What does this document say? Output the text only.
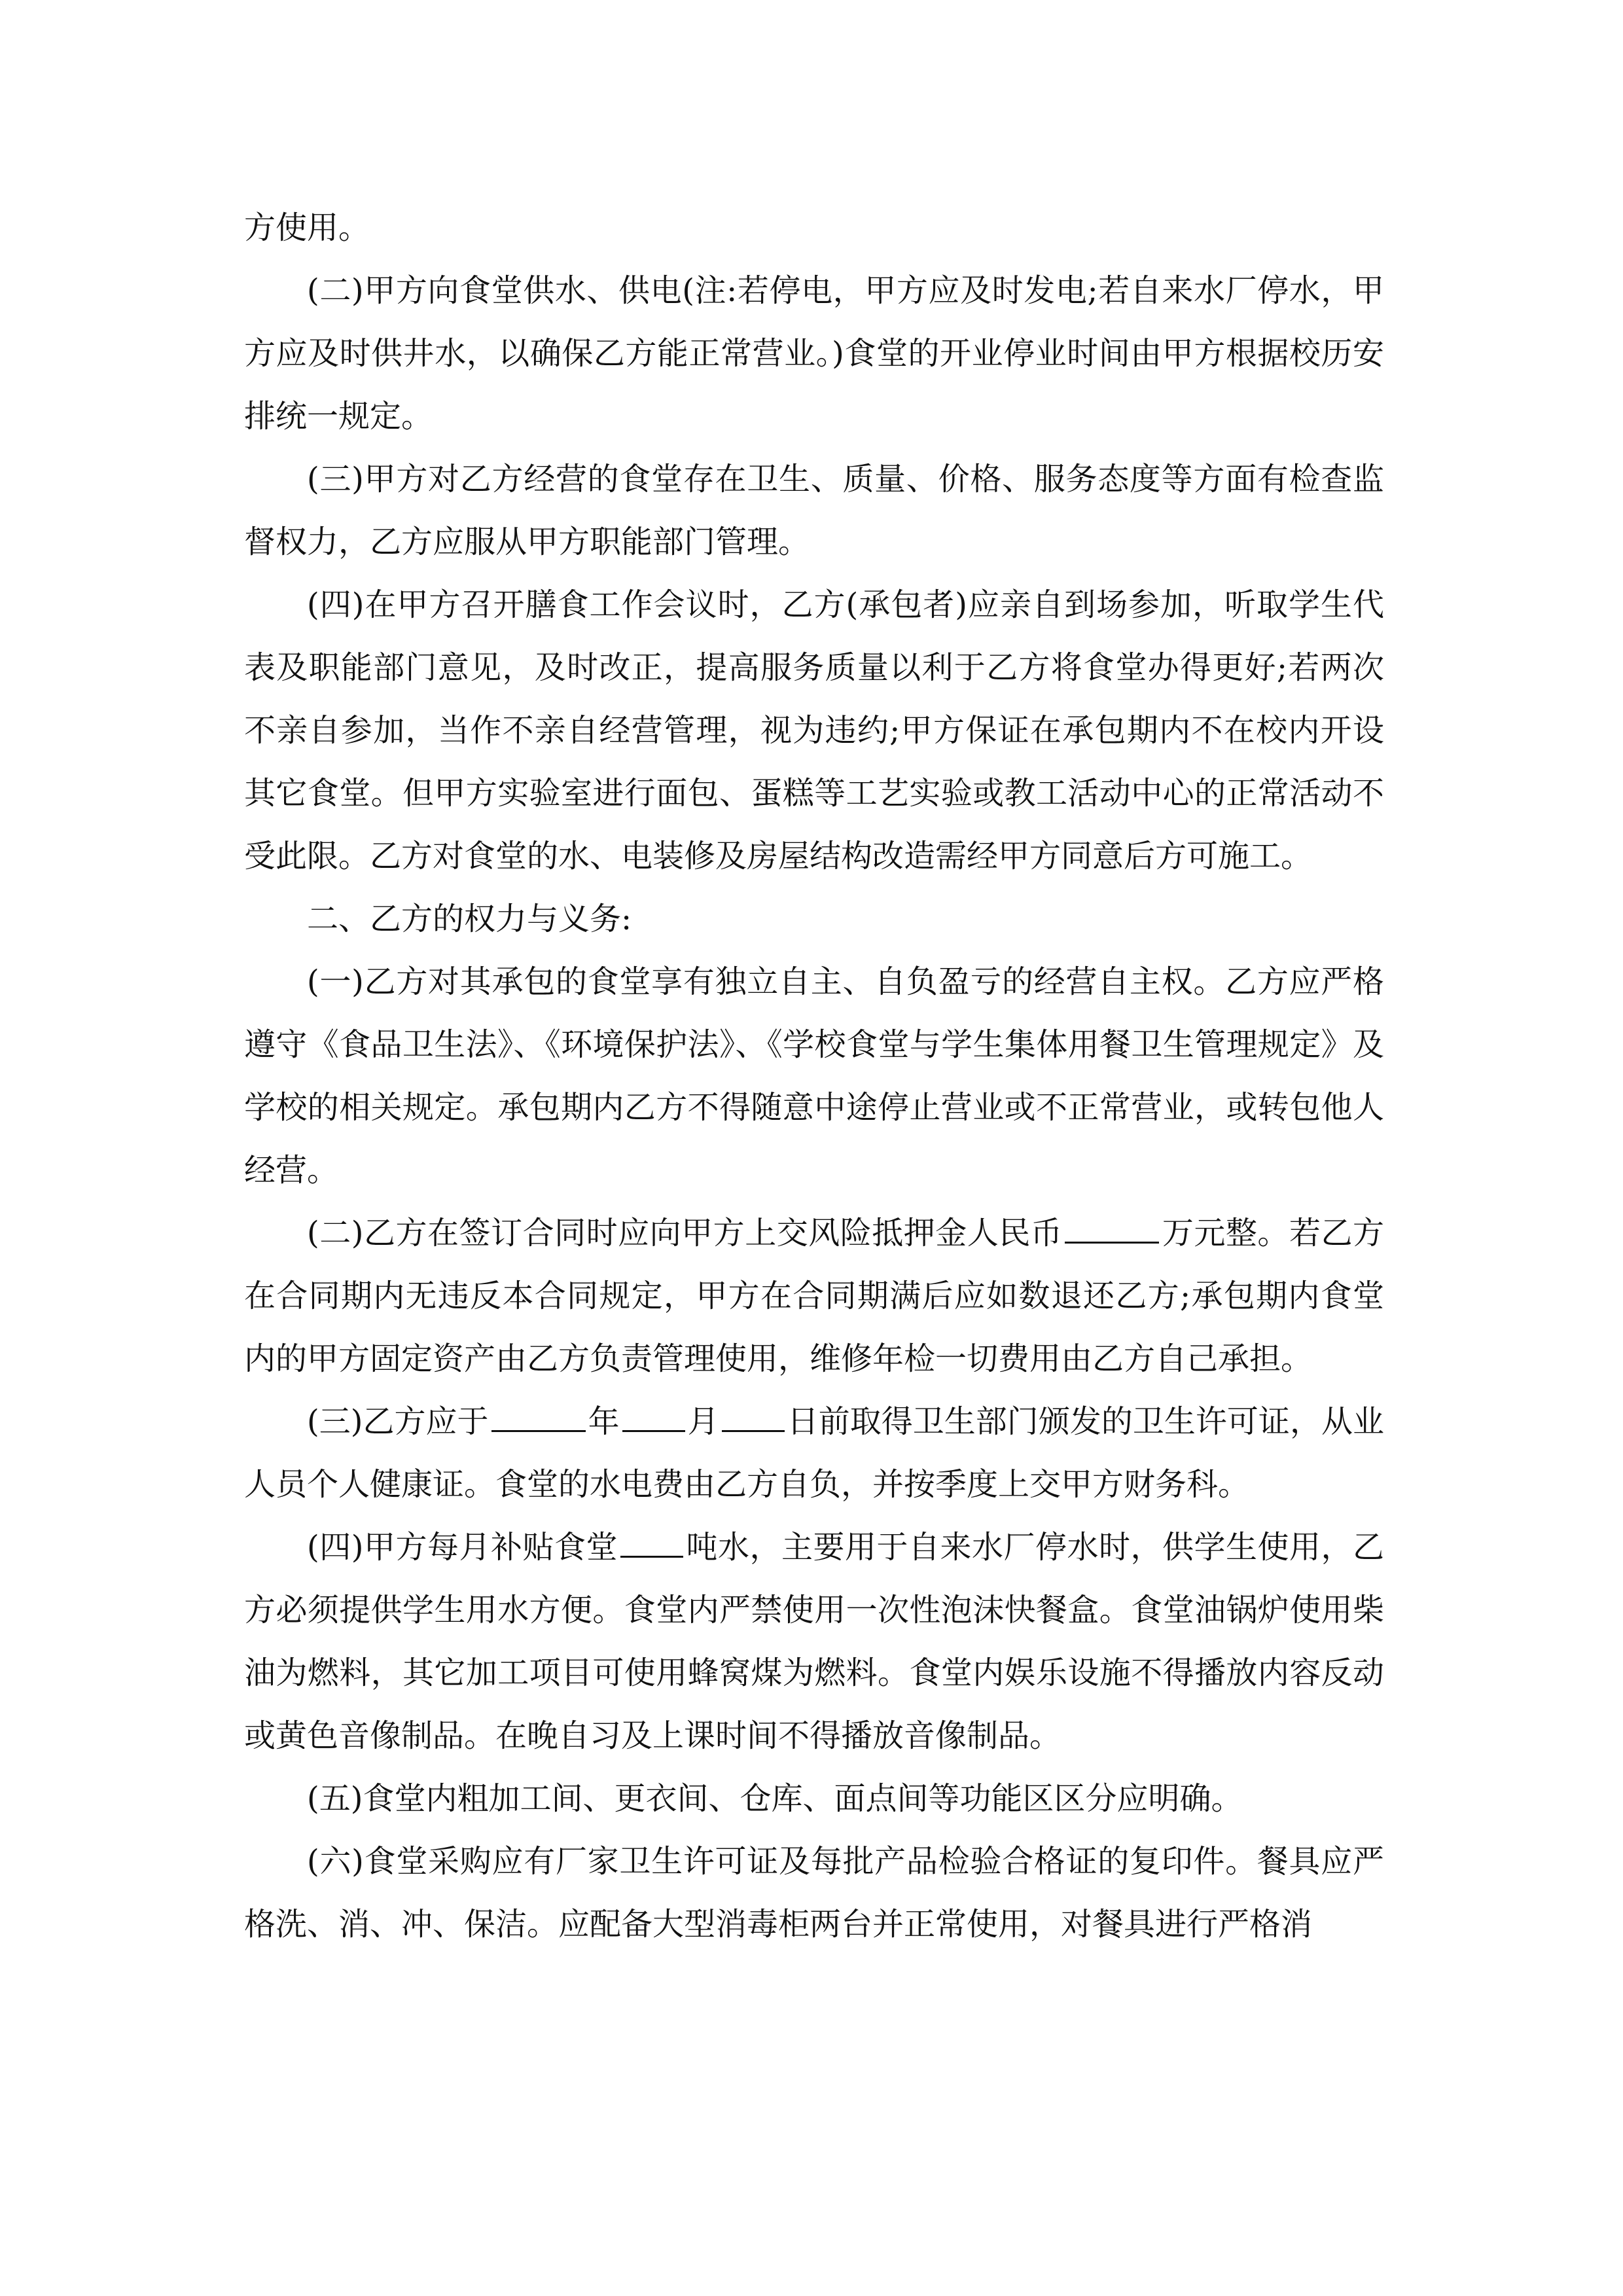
方使用。

(二)甲方向食堂供水、供电(注:若停电，甲方应及时发电;若自来水厂停水，甲方应及时供井水，以确保乙方能正常营业。)食堂的开业停业时间由甲方根据校历安排统一规定。

(三)甲方对乙方经营的食堂存在卫生、质量、价格、服务态度等方面有检查监督权力，乙方应服从甲方职能部门管理。

(四)在甲方召开膳食工作会议时，乙方(承包者)应亲自到场参加，听取学生代表及职能部门意见，及时改正，提高服务质量以利于乙方将食堂办得更好;若两次不亲自参加，当作不亲自经营管理，视为违约;甲方保证在承包期内不在校内开设其它食堂。但甲方实验室进行面包、蛋糕等工艺实验或教工活动中心的正常活动不受此限。乙方对食堂的水、电装修及房屋结构改造需经甲方同意后方可施工。

二、乙方的权力与义务:

(一)乙方对其承包的食堂享有独立自主、自负盈亏的经营自主权。乙方应严格遵守《食品卫生法》、《环境保护法》、《学校食堂与学生集体用餐卫生管理规定》及学校的相关规定。承包期内乙方不得随意中途停止营业或不正常营业，或转包他人经营。

(二)乙方在签订合同时应向甲方上交风险抵押金人民币	万元整。若乙方在合同期内无违反本合同规定，甲方在合同期满后应如数退还乙方;承包期内食堂内的甲方固定资产由乙方负责管理使用，维修年检一切费用由乙方自己承担。

(三)乙方应于	年 月 日前取得卫生部门颁发的卫生许可证，从业人员个人健康证。食堂的水电费由乙方自负，并按季度上交甲方财务科。

(四)甲方每月补贴食堂 吨水，主要用于自来水厂停水时，供学生使用，乙方必须提供学生用水方便。食堂内严禁使用一次性泡沫快餐盒。食堂油锅炉使用柴油为燃料，其它加工项目可使用蜂窝煤为燃料。食堂内娱乐设施不得播放内容反动或黄色音像制品。在晚自习及上课时间不得播放音像制品。

(五)食堂内粗加工间、更衣间、仓库、面点间等功能区区分应明确。

(六)食堂采购应有厂家卫生许可证及每批产品检验合格证的复印件。餐具应严格洗、消、冲、保洁。应配备大型消毒柜两台并正常使用，对餐具进行严格消
